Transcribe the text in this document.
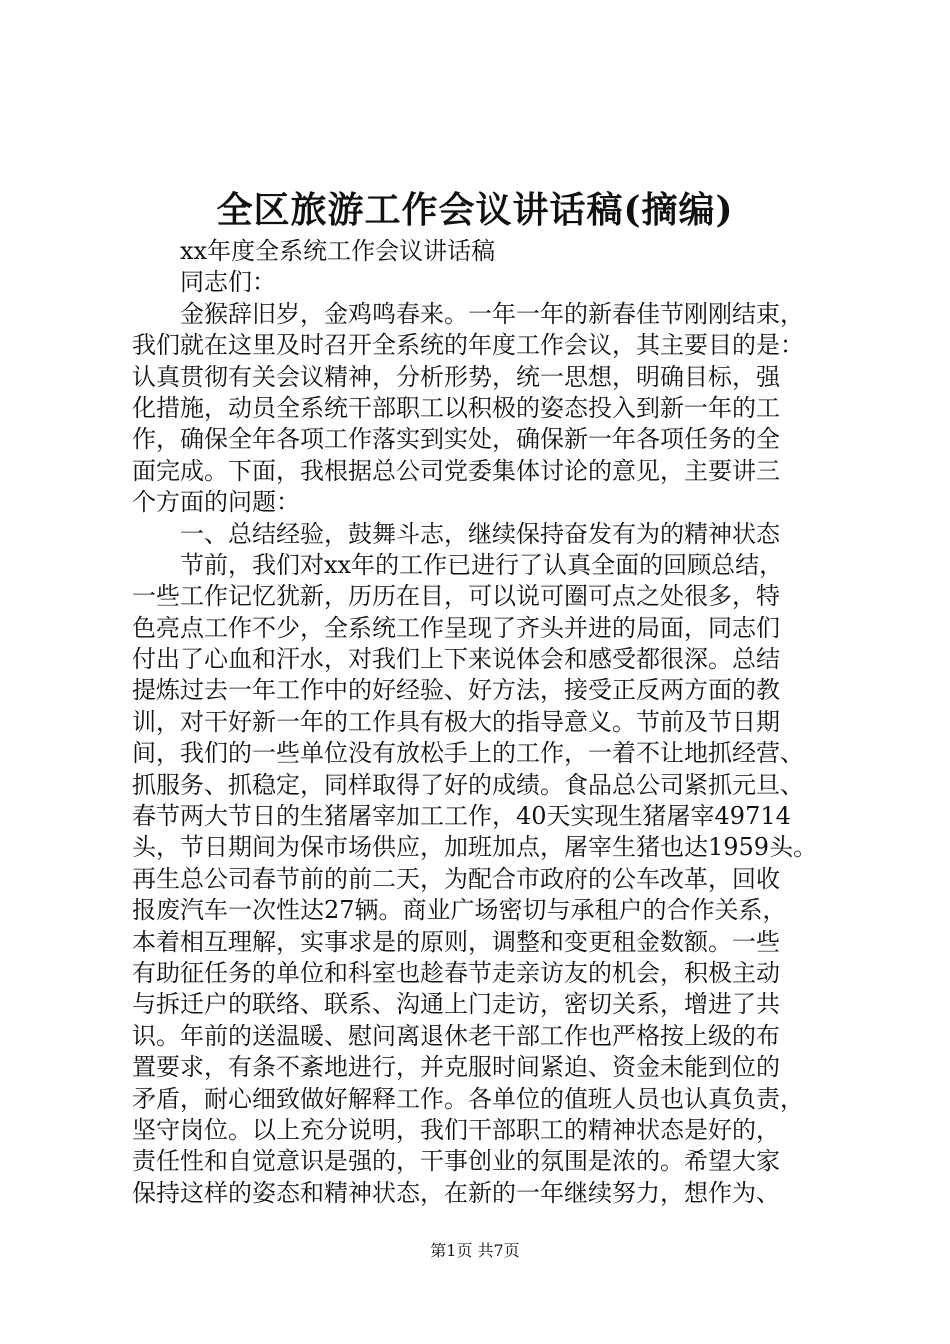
全区旅游工作会议讲话稿(摘编)
xx年度全系统工作会议讲话稿
同志们：
金猴辞旧岁，金鸡鸣春来。一年一年的新春佳节刚刚结束，
我们就在这里及时召开全系统的年度工作会议，其主要目的是：
认真贯彻有关会议精神，分析形势，统一思想，明确目标，强
化措施，动员全系统干部职工以积极的姿态投入到新一年的工
作，确保全年各项工作落实到实处，确保新一年各项任务的全
面完成。下面，我根据总公司党委集体讨论的意见，主要讲三
个方面的问题：
一、总结经验，鼓舞斗志，继续保持奋发有为的精神状态
节前，我们对xx年的工作已进行了认真全面的回顾总结，
一些工作记忆犹新，历历在目，可以说可圈可点之处很多，特
色亮点工作不少，全系统工作呈现了齐头并进的局面，同志们
付出了心血和汗水，对我们上下来说体会和感受都很深。总结
提炼过去一年工作中的好经验、好方法，接受正反两方面的教
训，对干好新一年的工作具有极大的指导意义。节前及节日期
间，我们的一些单位没有放松手上的工作，一着不让地抓经营、
抓服务、抓稳定，同样取得了好的成绩。食品总公司紧抓元旦、
春节两大节日的生猪屠宰加工工作，40天实现生猪屠宰49714
头，节日期间为保市场供应，加班加点，屠宰生猪也达1959头。
再生总公司春节前的前二天，为配合市政府的公车改革，回收
报废汽车一次性达27辆。商业广场密切与承租户的合作关系，
本着相互理解，实事求是的原则，调整和变更租金数额。一些
有助征任务的单位和科室也趁春节走亲访友的机会，积极主动
与拆迁户的联络、联系、沟通上门走访，密切关系，增进了共
识。年前的送温暖、慰问离退休老干部工作也严格按上级的布
置要求，有条不紊地进行，并克服时间紧迫、资金未能到位的
矛盾，耐心细致做好解释工作。各单位的值班人员也认真负责，
坚守岗位。以上充分说明，我们干部职工的精神状态是好的，
责任性和自觉意识是强的，干事创业的氛围是浓的。希望大家
保持这样的姿态和精神状态，在新的一年继续努力，想作为、
第1页 共7页
